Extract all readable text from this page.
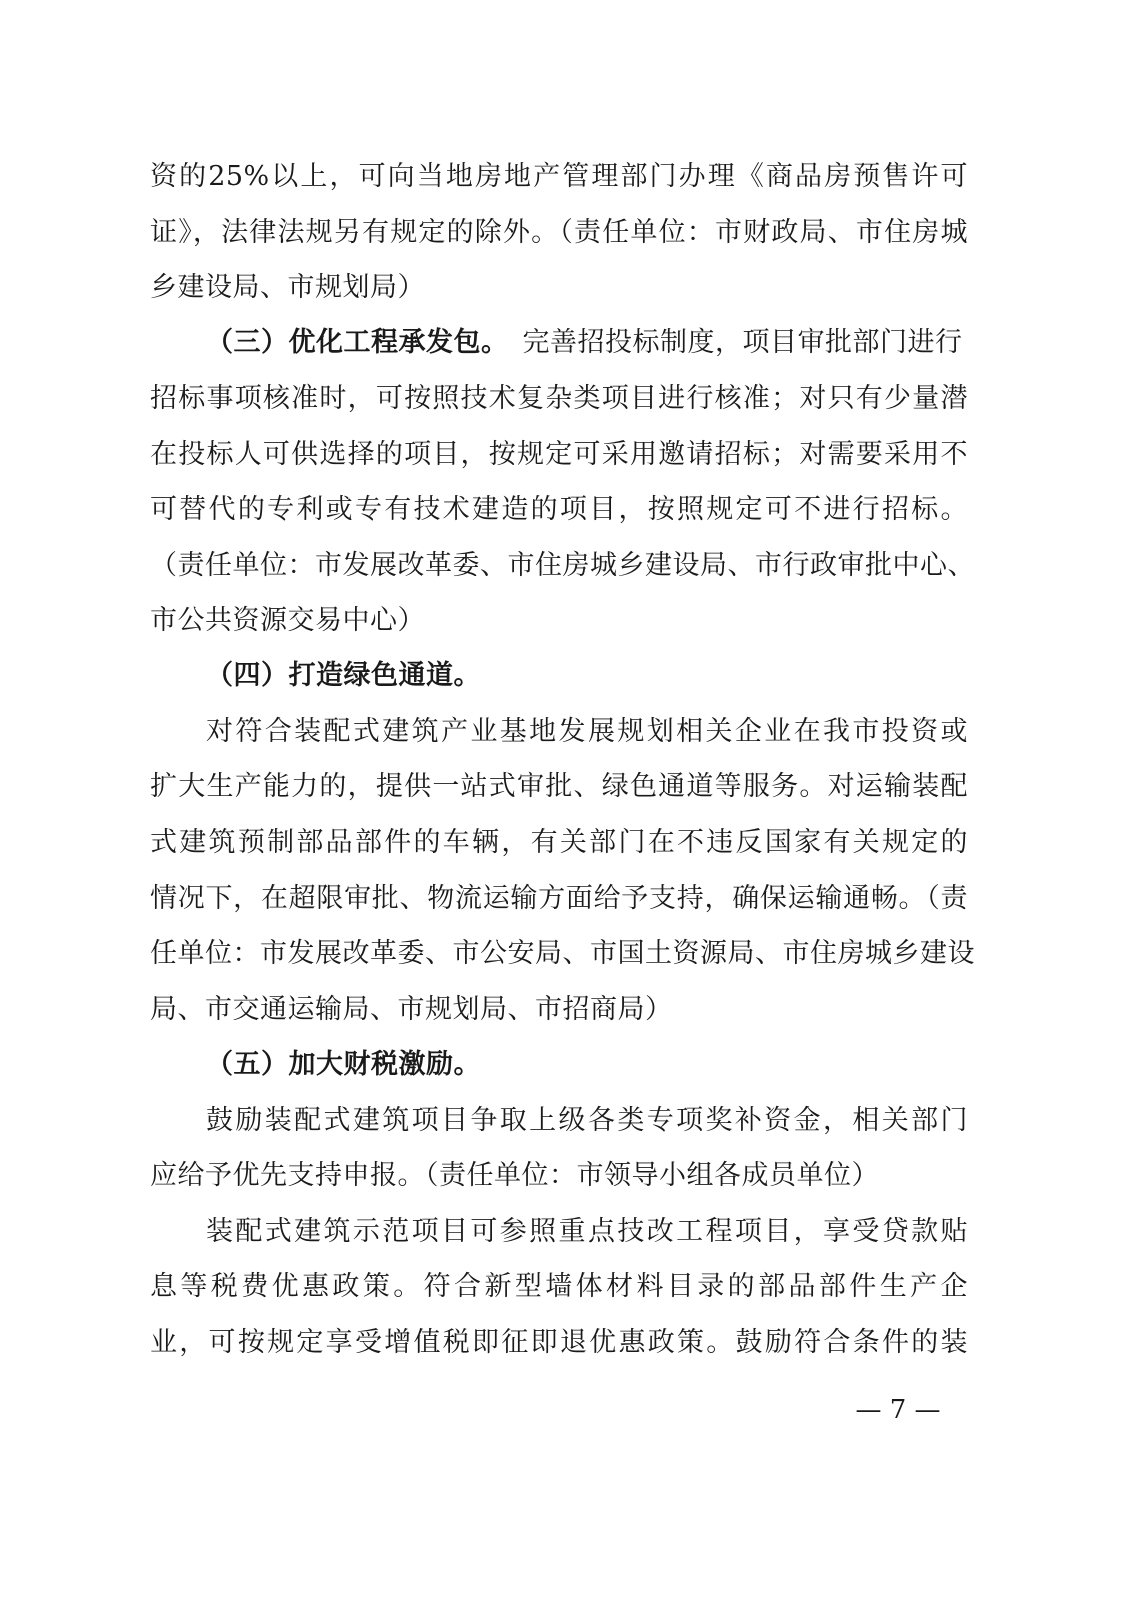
资的25%以上，可向当地房地产管理部门办理《商品房预售许可
证》，法律法规另有规定的除外。（责任单位：市财政局、市住房城
乡建设局、市规划局）
（三）优化工程承发包。 完善招投标制度，项目审批部门进行
招标事项核准时，可按照技术复杂类项目进行核准；对只有少量潜
在投标人可供选择的项目，按规定可采用邀请招标；对需要采用不
可替代的专利或专有技术建造的项目，按照规定可不进行招标。
（责任单位：市发展改革委、市住房城乡建设局、市行政审批中心、
市公共资源交易中心）
（四）打造绿色通道。
对符合装配式建筑产业基地发展规划相关企业在我市投资或
扩大生产能力的，提供一站式审批、绿色通道等服务。对运输装配
式建筑预制部品部件的车辆，有关部门在不违反国家有关规定的
情况下，在超限审批、物流运输方面给予支持，确保运输通畅。（责
任单位：市发展改革委、市公安局、市国土资源局、市住房城乡建设
局、市交通运输局、市规划局、市招商局）
（五）加大财税激励。
鼓励装配式建筑项目争取上级各类专项奖补资金，相关部门
应给予优先支持申报。（责任单位：市领导小组各成员单位）
装配式建筑示范项目可参照重点技改工程项目，享受贷款贴
息等税费优惠政策。符合新型墙体材料目录的部品部件生产企
业，可按规定享受增值税即征即退优惠政策。鼓励符合条件的装
— 7 —
